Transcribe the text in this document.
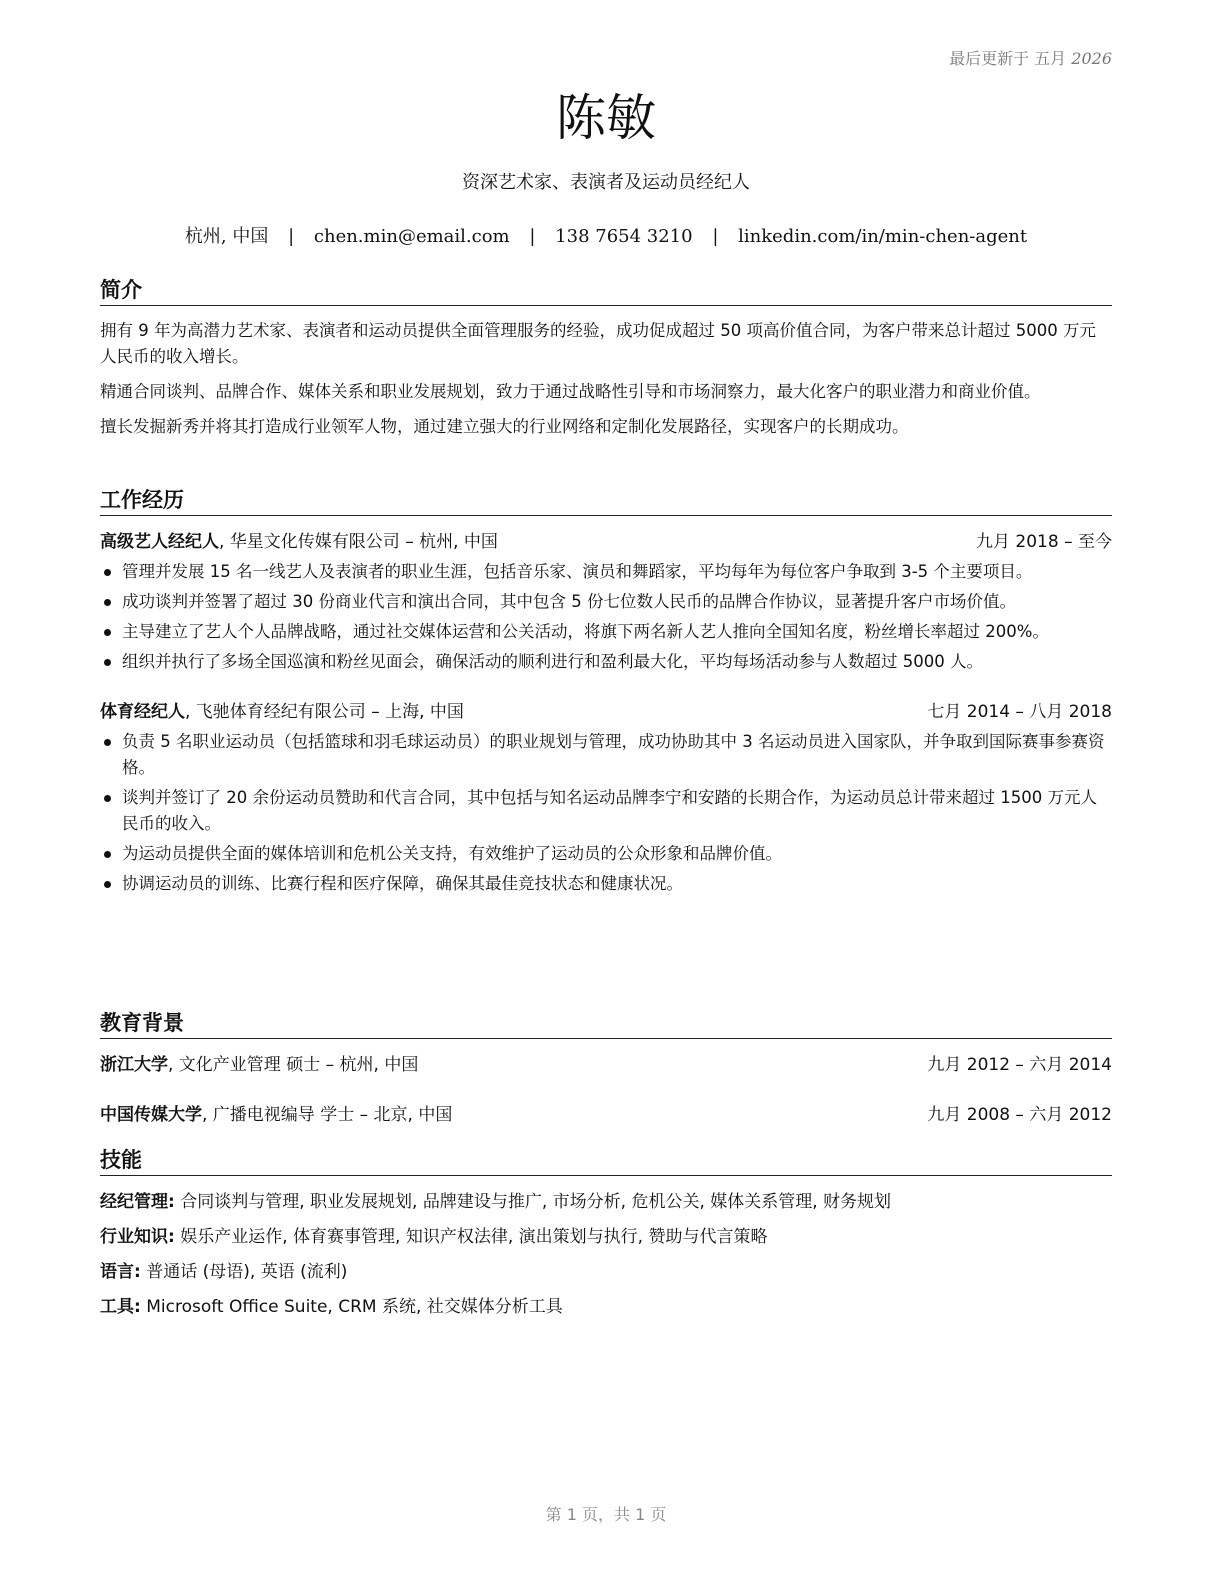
最后更新于 五月 2026
陈敏
资深艺术家、表演者及运动员经纪人
杭州, 中国 | chen.min@email.com | 138 7654 3210 | linkedin.com/in/min-chen-agent
简介

拥有 9 年为高潜力艺术家、表演者和运动员提供全面管理服务的经验，成功促成超过 50 项高价值合同，为客户带来总计超过 5000 万元人民币的收入增长。

精通合同谈判、品牌合作、媒体关系和职业发展规划，致力于通过战略性引导和市场洞察力，最大化客户的职业潜力和商业价值。

擅长发掘新秀并将其打造成行业领军人物，通过建立强大的行业网络和定制化发展路径，实现客户的长期成功。

工作经历
高级艺人经纪人, 华星文化传媒有限公司 – 杭州, 中国	九月 2018 – 至今
管理并发展 15 名一线艺人及表演者的职业生涯，包括音乐家、演员和舞蹈家，平均每年为每位客户争取到 3-5 个主要项目。
成功谈判并签署了超过 30 份商业代言和演出合同，其中包含 5 份七位数人民币的品牌合作协议，显著提升客户市场价值。
主导建立了艺人个人品牌战略，通过社交媒体运营和公关活动，将旗下两名新人艺人推向全国知名度，粉丝增长率超过 200%。
组织并执行了多场全国巡演和粉丝见面会，确保活动的顺利进行和盈利最大化，平均每场活动参与人数超过 5000 人。
体育经纪人, 飞驰体育经纪有限公司 – 上海, 中国	七月 2014 – 八月 2018
负责 5 名职业运动员（包括篮球和羽毛球运动员）的职业规划与管理，成功协助其中 3 名运动员进入国家队，并争取到国际赛事参赛资格。
谈判并签订了 20 余份运动员赞助和代言合同，其中包括与知名运动品牌李宁和安踏的长期合作，为运动员总计带来超过 1500 万元人民币的收入。
为运动员提供全面的媒体培训和危机公关支持，有效维护了运动员的公众形象和品牌价值。
协调运动员的训练、比赛行程和医疗保障，确保其最佳竞技状态和健康状况。
教育背景
浙江大学, 文化产业管理 硕士 – 杭州, 中国	九月 2012 – 六月 2014
中国传媒大学, 广播电视编导 学士 – 北京, 中国	九月 2008 – 六月 2012
技能
经纪管理: 合同谈判与管理, 职业发展规划, 品牌建设与推广, 市场分析, 危机公关, 媒体关系管理, 财务规划
行业知识: 娱乐产业运作, 体育赛事管理, 知识产权法律, 演出策划与执行, 赞助与代言策略
语言: 普通话 (母语), 英语 (流利)
工具: Microsoft Office Suite, CRM 系统, 社交媒体分析工具
第 1 页，共 1 页
